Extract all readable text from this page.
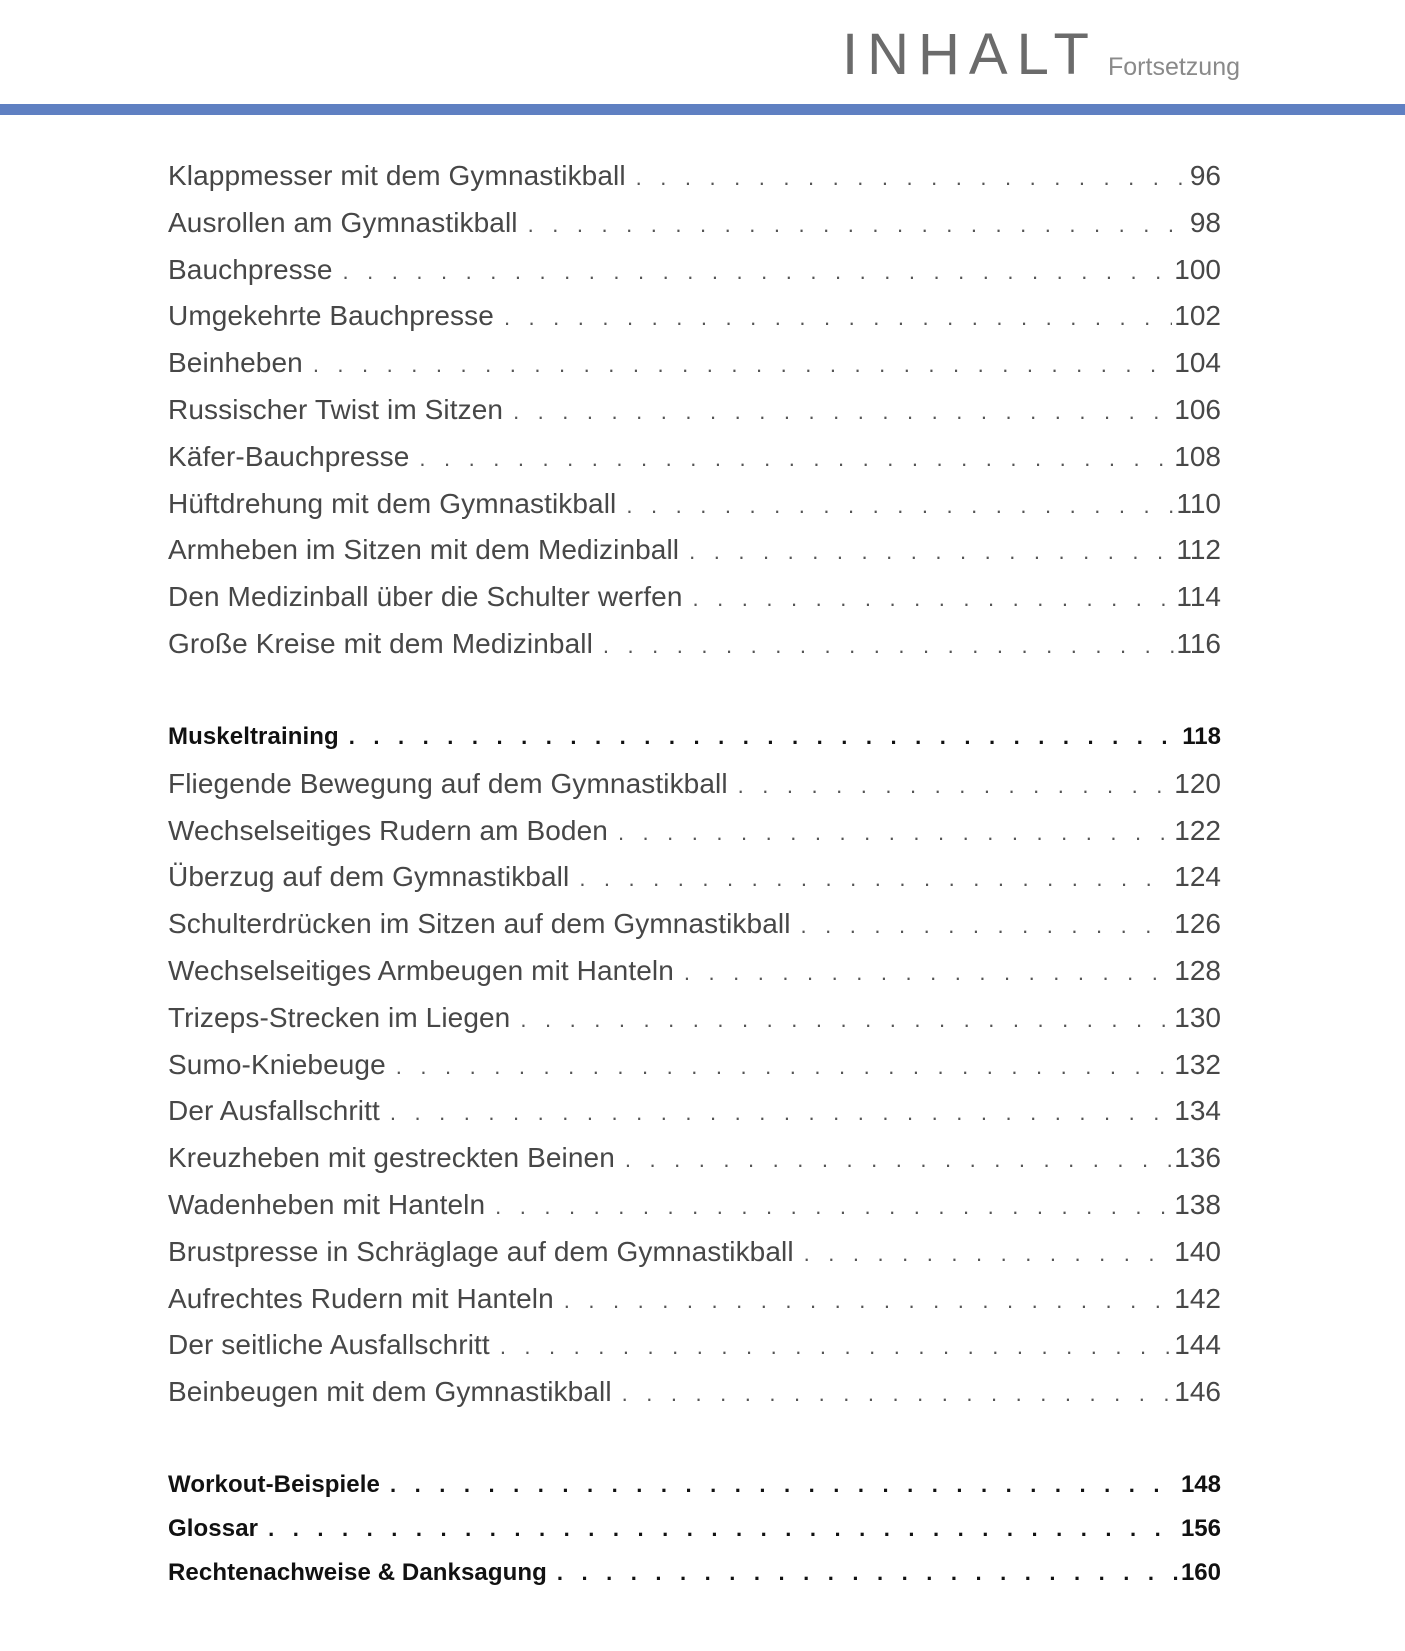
INHALT Fortsetzung
Klappmesser mit dem Gymnastikball . . .	96
Ausrollen am Gymnastikball . . .	98
Bauchpresse . . .	100
Umgekehrte Bauchpresse . . .	102
Beinheben . . .	104
Russischer Twist im Sitzen . . .	106
Käfer-Bauchpresse . . .	108
Hüftdrehung mit dem Gymnastikball . . .	110
Armheben im Sitzen mit dem Medizinball . . .	112
Den Medizinball über die Schulter werfen . . .	114
Große Kreise mit dem Medizinball . . .	116
Muskeltraining . . .	118
Fliegende Bewegung auf dem Gymnastikball . . .	120
Wechselseitiges Rudern am Boden . . .	122
Überzug auf dem Gymnastikball . . .	124
Schulterdrücken im Sitzen auf dem Gymnastikball . . .	126
Wechselseitiges Armbeugen mit Hanteln . . .	128
Trizeps-Strecken im Liegen . . .	130
Sumo-Kniebeuge . . .	132
Der Ausfallschritt . . .	134
Kreuzheben mit gestreckten Beinen . . .	136
Wadenheben mit Hanteln . . .	138
Brustpresse in Schräglage auf dem Gymnastikball . . .	140
Aufrechtes Rudern mit Hanteln . . .	142
Der seitliche Ausfallschritt . . .	144
Beinbeugen mit dem Gymnastikball . . .	146
Workout-Beispiele . . .	148
Glossar . . .	156
Rechtenachweise & Danksagung . . .	160
